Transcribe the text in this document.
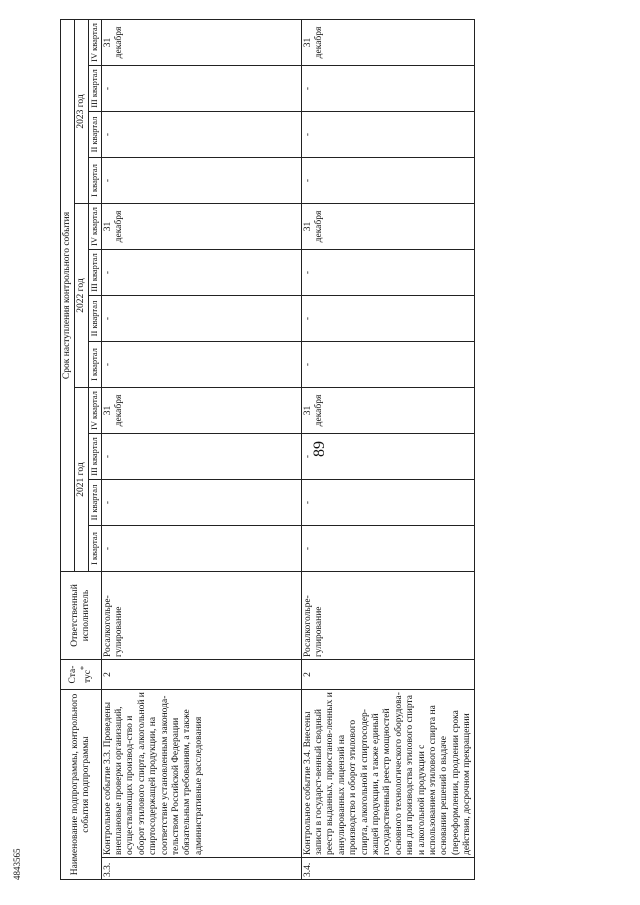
89
4843565	Наименование подпрограммы, контрольного события подпрограммы		Ста-тус*	Ответственный исполнитель	Срок наступления контрольного события											
				2021 год				2022 год				2023 год			
				I квартал	II квартал	III квартал	IV квартал	I квартал	II квартал	III квартал	IV квартал	I квартал	II квартал	III квартал	IV квартал
3.3.	Контрольное событие 3.3. Проведены внеплановые проверки организаций, осуществляющих производ-ство и оборот этилового спирта, алкогольной и спиртосодержащей продукции, на соответствие установленным законода-тельством Российской Федерации обязательным требованиям, а также административные расследования	2	Росалкогольре-гулирование	-	-	-	31 декабря	-	-	-	31 декабря	-	-	-	31 декабря
3.4.	Контрольное событие 3.4. Внесены записи в государст-венный сводный реестр выданных, приостанов-ленных и аннулированных лицензий на производство и оборот этилового спирта, алкогольной и спиртосодер-жащей продукции, а также единый государственный реестр мощностей основного технологического оборудова-ния для производства этилового спирта и алкогольной продукции с использованием этилового спирта на основании решений о выдаче (переоформлении, продлении срока действия, досрочном прекращении	2	Росалкогольре-гулирование	-	-	-	31 декабря	-	-	-	31 декабря	-	-	-	31 декабря
